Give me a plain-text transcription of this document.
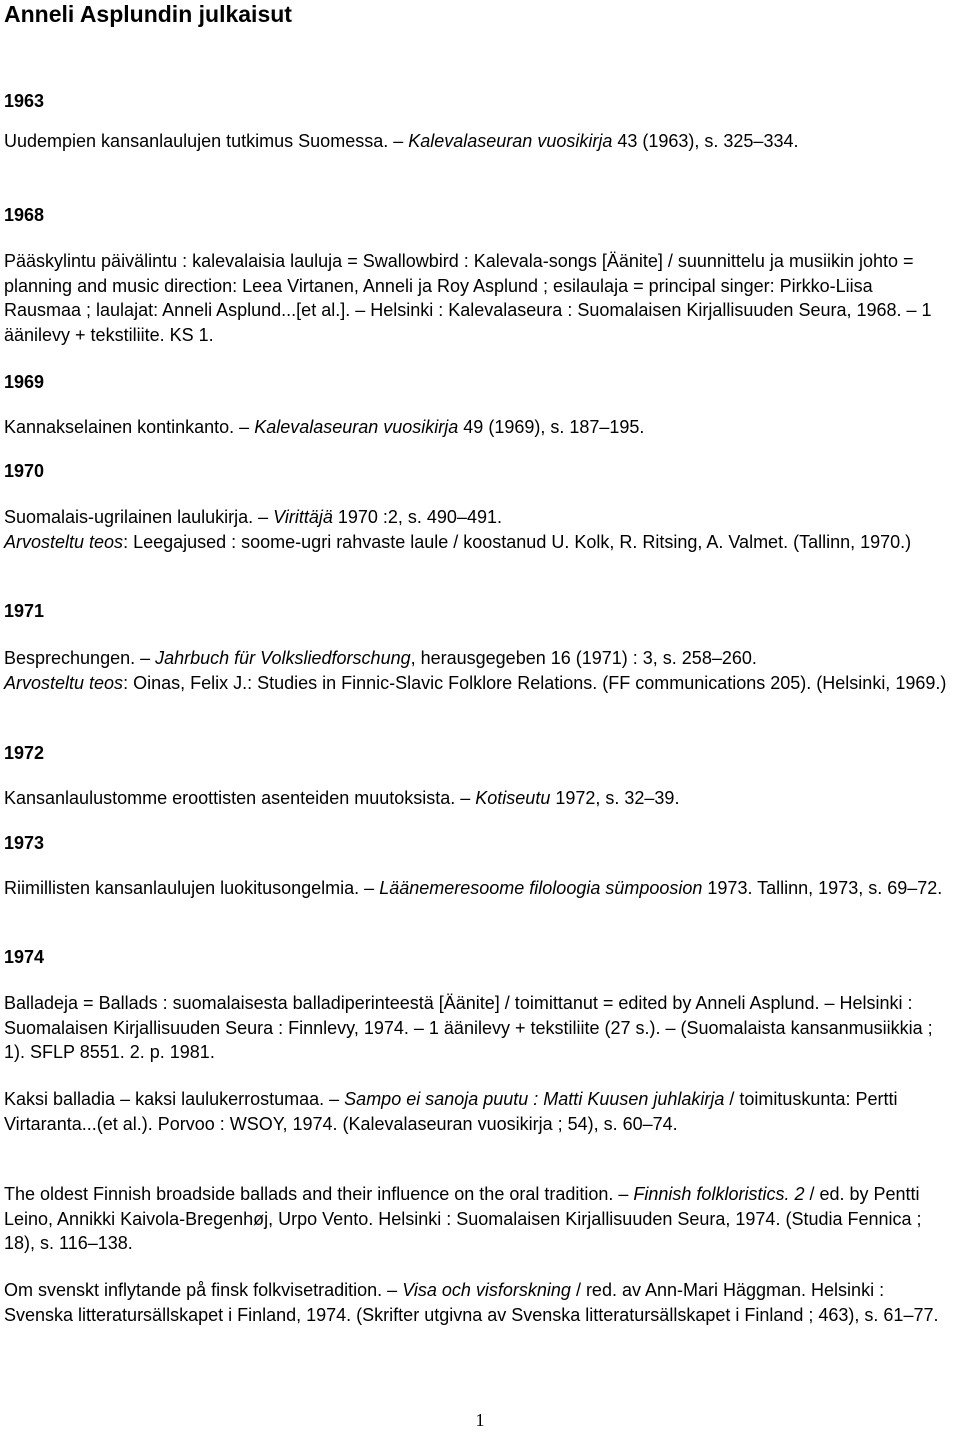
Anneli Asplundin julkaisut
1963
Uudempien kansanlaulujen tutkimus Suomessa. – Kalevalaseuran vuosikirja 43 (1963), s. 325–334.
1968
Pääskylintu päivälintu : kalevalaisia lauluja = Swallowbird : Kalevala-songs [Äänite] / suunnittelu ja musiikin johto = planning and music direction: Leea Virtanen, Anneli ja Roy Asplund ; esilaulaja = principal singer: Pirkko-Liisa Rausmaa ; laulajat: Anneli Asplund...[et al.]. – Helsinki : Kalevalaseura : Suomalaisen Kirjallisuuden Seura, 1968. – 1 äänilevy + tekstiliite. KS 1.
1969
Kannakselainen kontinkanto. – Kalevalaseuran vuosikirja 49 (1969), s. 187–195.
1970
Suomalais-ugrilainen laulukirja. – Virittäjä 1970 :2, s. 490–491.
Arvosteltu teos: Leegajused : soome-ugri rahvaste laule / koostanud U. Kolk, R. Ritsing, A. Valmet. (Tallinn, 1970.)
1971
Besprechungen. – Jahrbuch für Volksliedforschung, herausgegeben 16 (1971) : 3, s. 258–260.
Arvosteltu teos: Oinas, Felix J.: Studies in Finnic-Slavic Folklore Relations. (FF communications 205). (Helsinki, 1969.)
1972
Kansanlaulustomme eroottisten asenteiden muutoksista. – Kotiseutu 1972, s. 32–39.
1973
Riimillisten kansanlaulujen luokitusongelmia. – Läänemeresoome filoloogia sümpoosion 1973. Tallinn, 1973, s. 69–72.
1974
Balladeja = Ballads : suomalaisesta balladiperinteestä [Äänite] / toimittanut = edited by Anneli Asplund. – Helsinki : Suomalaisen Kirjallisuuden Seura : Finnlevy, 1974. – 1 äänilevy + tekstiliite (27 s.). – (Suomalaista kansanmusiikkia ; 1). SFLP 8551. 2. p. 1981.
Kaksi balladia – kaksi laulukerrostumaa. – Sampo ei sanoja puutu : Matti Kuusen juhlakirja / toimituskunta: Pertti Virtaranta...(et al.). Porvoo : WSOY, 1974. (Kalevalaseuran vuosikirja ; 54), s. 60–74.
The oldest Finnish broadside ballads and their influence on the oral tradition. – Finnish folkloristics. 2 / ed. by Pentti Leino, Annikki Kaivola-Bregenhøj, Urpo Vento. Helsinki : Suomalaisen Kirjallisuuden Seura, 1974. (Studia Fennica ; 18), s. 116–138.
Om svenskt inflytande på finsk folkvisetradition. – Visa och visforskning / red. av Ann-Mari Häggman. Helsinki : Svenska litteratursällskapet i Finland, 1974. (Skrifter utgivna av Svenska litteratursällskapet i Finland ; 463), s. 61–77.
1
